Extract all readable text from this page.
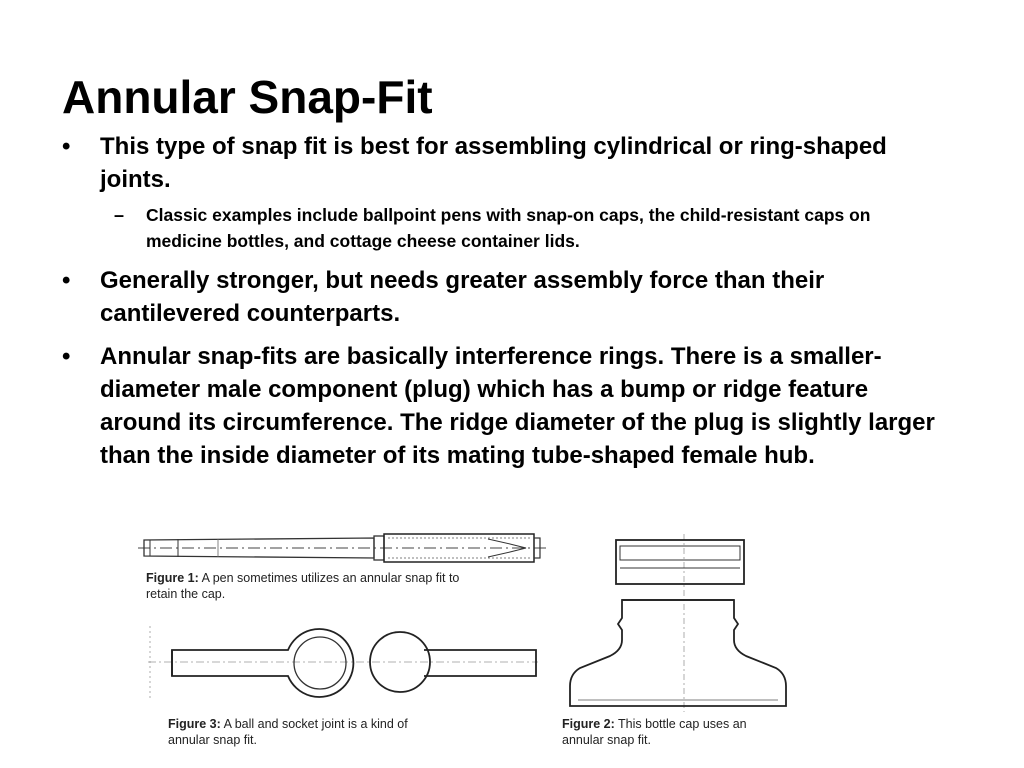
Annular Snap-Fit
• This type of snap fit is best for assembling cylindrical or ring-shaped joints.
– Classic examples include ballpoint pens with snap-on caps, the child-resistant caps on medicine bottles, and cottage cheese container lids.
• Generally stronger, but needs greater assembly force than their cantilevered counterparts.
• Annular snap-fits are basically interference rings. There is a smaller-diameter male component (plug) which has a bump or ridge feature around its circumference. The ridge diameter of the plug is slightly larger than the inside diameter of its mating tube-shaped female hub.
Figure 1: A pen sometimes utilizes an annular snap fit to
retain the cap.
Figure 3: A ball and socket joint is a kind of
annular snap fit.
Figure 2: This bottle cap uses an
annular snap fit.
